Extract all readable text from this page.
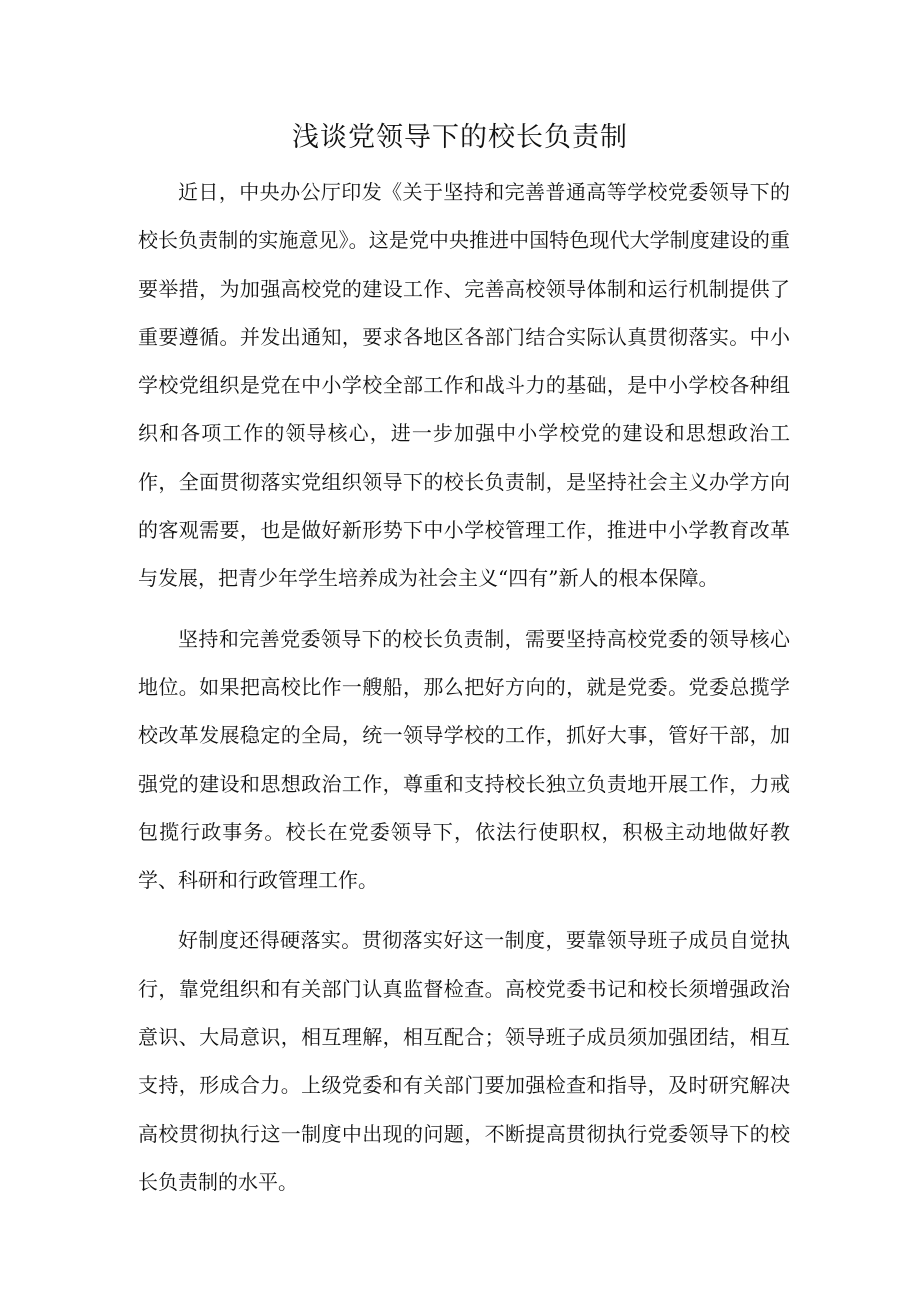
浅谈党领导下的校长负责制

近日，中央办公厅印发《关于坚持和完善普通高等学校党委领导下的校长负责制的实施意见》。这是党中央推进中国特色现代大学制度建设的重要举措，为加强高校党的建设工作、完善高校领导体制和运行机制提供了重要遵循。并发出通知，要求各地区各部门结合实际认真贯彻落实。中小学校党组织是党在中小学校全部工作和战斗力的基础，是中小学校各种组织和各项工作的领导核心，进一步加强中小学校党的建设和思想政治工作，全面贯彻落实党组织领导下的校长负责制，是坚持社会主义办学方向的客观需要，也是做好新形势下中小学校管理工作，推进中小学教育改革与发展，把青少年学生培养成为社会主义“四有”新人的根本保障。

坚持和完善党委领导下的校长负责制，需要坚持高校党委的领导核心地位。如果把高校比作一艘船，那么把好方向的，就是党委。党委总揽学校改革发展稳定的全局，统一领导学校的工作，抓好大事，管好干部，加强党的建设和思想政治工作，尊重和支持校长独立负责地开展工作，力戒包揽行政事务。校长在党委领导下，依法行使职权，积极主动地做好教学、科研和行政管理工作。

好制度还得硬落实。贯彻落实好这一制度，要靠领导班子成员自觉执行，靠党组织和有关部门认真监督检查。高校党委书记和校长须增强政治意识、大局意识，相互理解，相互配合；领导班子成员须加强团结，相互支持，形成合力。上级党委和有关部门要加强检查和指导，及时研究解决高校贯彻执行这一制度中出现的问题，不断提高贯彻执行党委领导下的校长负责制的水平。
